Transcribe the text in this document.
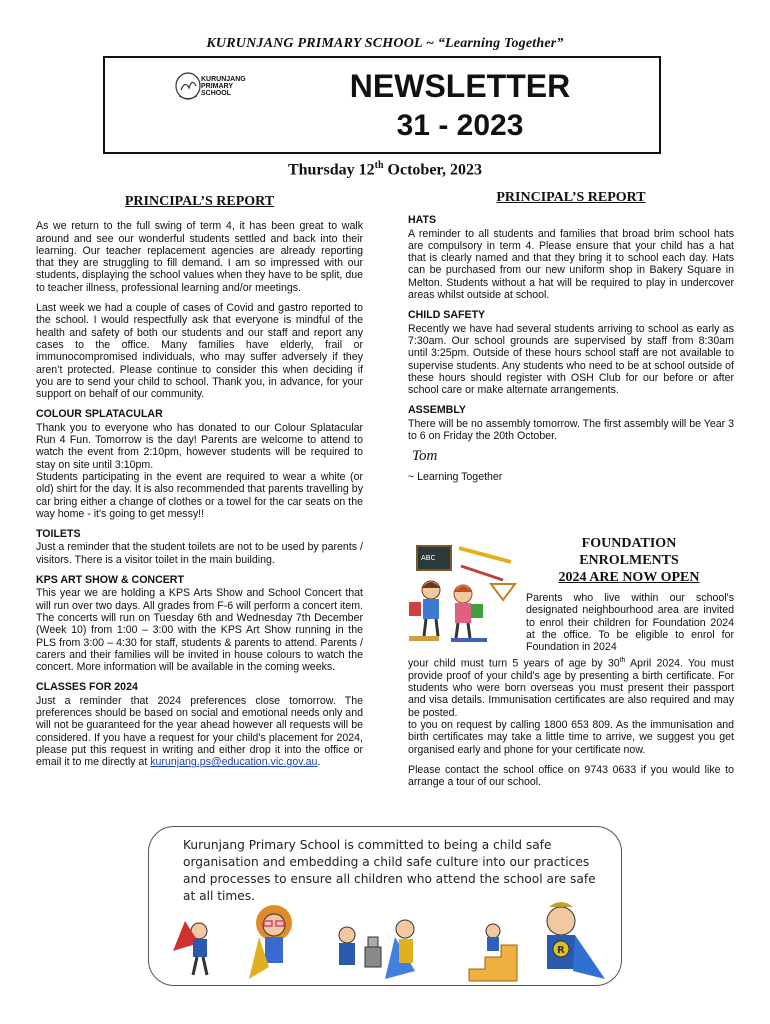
KURUNJANG PRIMARY SCHOOL ~ “Learning Together”
KURUNJANG PRIMARY SCHOOL	NEWSLETTER
31 - 2023
Thursday 12th October, 2023
PRINCIPAL’S REPORT

As we return to the full swing of term 4, it has been great to walk around and see our wonderful students settled and back into their learning. Our teacher replacement agencies are already reporting that they are struggling to fill demand. I am so impressed with our students, displaying the school values when they have to be split, due to teacher illness, professional learning and/or meetings.

Last week we had a couple of cases of Covid and gastro reported to the school. I would respectfully ask that everyone is mindful of the health and safety of both our students and our staff and report any cases to the office. Many families have elderly, frail or immunocompromised individuals, who may suffer adversely if they aren’t protected. Please continue to consider this when deciding if you are to send your child to school. Thank you, in advance, for your support on behalf of our community.

COLOUR SPLATACULAR
Thank you to everyone who has donated to our Colour Splatacular Run 4 Fun. Tomorrow is the day! Parents are welcome to attend to watch the event from 2:10pm, however students will be required to stay on site until 3:10pm.

Students participating in the event are required to wear a white (or old) shirt for the day. It is also recommended that parents travelling by car bring either a change of clothes or a towel for the car seats on the way home - it's going to get messy!!

TOILETS

Just a reminder that the student toilets are not to be used by parents / visitors. There is a visitor toilet in the main building.

KPS ART SHOW & CONCERT

This year we are holding a KPS Arts Show and School Concert that will run over two days. All grades from F-6 will perform a concert item. The concerts will run on Tuesday 6th and Wednesday 7th December (Week 10) from 1:00 – 3:00 with the KPS Art Show running in the PLS from 3:00 – 4:30 for staff, students & parents to attend. Parents / carers and their families will be invited in house colours to watch the concert. More information will be available in the coming weeks.

CLASSES FOR 2024

Just a reminder that 2024 preferences close tomorrow. The preferences should be based on social and emotional needs only and will not be guaranteed for the year ahead however all requests will be considered. If you have a request for your child's placement for 2024, please put this request in writing and either drop it into the office or email it to me directly at kurunjang.ps@education.vic.gov.au.

PRINCIPAL’S REPORT
HATS

A reminder to all students and families that broad brim school hats are compulsory in term 4. Please ensure that your child has a hat that is clearly named and that they bring it to school each day. Hats can be purchased from our new uniform shop in Bakery Square in Melton. Students without a hat will be required to play in undercover areas whilst outside at school.

CHILD SAFETY

Recently we have had several students arriving to school as early as 7:30am. Our school grounds are supervised by staff from 8:30am until 3:25pm. Outside of these hours school staff are not available to supervise students. Any students who need to be at school outside of these hours should register with OSH Club for our before or after school care or make alternate arrangements.

ASSEMBLY

There will be no assembly tomorrow. The first assembly will be Year 3 to 6 on Friday the 20th October.

Tom
~ Learning Together
ABC
FOUNDATION
ENROLMENTS
2024 ARE NOW OPEN
Parents who live within our school's designated neighbourhood area are invited to enrol their children for Foundation 2024 at the office. To be eligible to enrol for Foundation in 2024
your child must turn 5 years of age by 30th April 2024. You must provide proof of your child's age by presenting a birth certificate. For students who were born overseas you must present their passport and visa details. Immunisation certificates are also required and may be posted.

to you on request by calling 1800 653 809. As the immunisation and birth certificates may take a little time to arrive, we suggest you get organised early and phone for your certificate now.

Please contact the school office on 9743 0633 if you would like to arrange a tour of our school.

Kurunjang Primary School is committed to being a child safe organisation and embedding a child safe culture into our practices and processes to ensure all children who attend the school are safe at all times.
R
